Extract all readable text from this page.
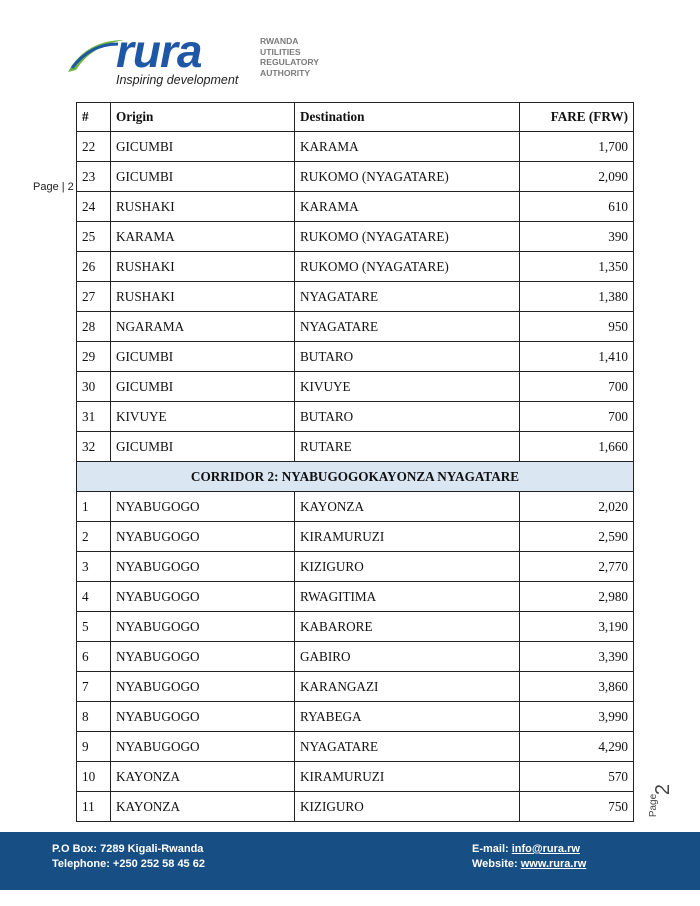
rura
Inspiring development
RWANDA
UTILITIES
REGULATORY
AUTHORITY
Page | 2
#	Origin	Destination	FARE (FRW)
22	GICUMBI	KARAMA	1,700
23	GICUMBI	RUKOMO (NYAGATARE)	2,090
24	RUSHAKI	KARAMA	610
25	KARAMA	RUKOMO (NYAGATARE)	390
26	RUSHAKI	RUKOMO (NYAGATARE)	1,350
27	RUSHAKI	NYAGATARE	1,380
28	NGARAMA	NYAGATARE	950
29	GICUMBI	BUTARO	1,410
30	GICUMBI	KIVUYE	700
31	KIVUYE	BUTARO	700
32	GICUMBI	RUTARE	1,660
CORRIDOR 2: NYABUGOGOKAYONZA NYAGATARE			
1	NYABUGOGO	KAYONZA	2,020
2	NYABUGOGO	KIRAMURUZI	2,590
3	NYABUGOGO	KIZIGURO	2,770
4	NYABUGOGO	RWAGITIMA	2,980
5	NYABUGOGO	KABARORE	3,190
6	NYABUGOGO	GABIRO	3,390
7	NYABUGOGO	KARANGAZI	3,860
8	NYABUGOGO	RYABEGA	3,990
9	NYABUGOGO	NYAGATARE	4,290
10	KAYONZA	KIRAMURUZI	570
11	KAYONZA	KIZIGURO	750 Page
2
P.O Box: 7289 Kigali-Rwanda
Telephone: +250 252 58 45 62
E-mail: info@rura.rw
Website: www.rura.rw
